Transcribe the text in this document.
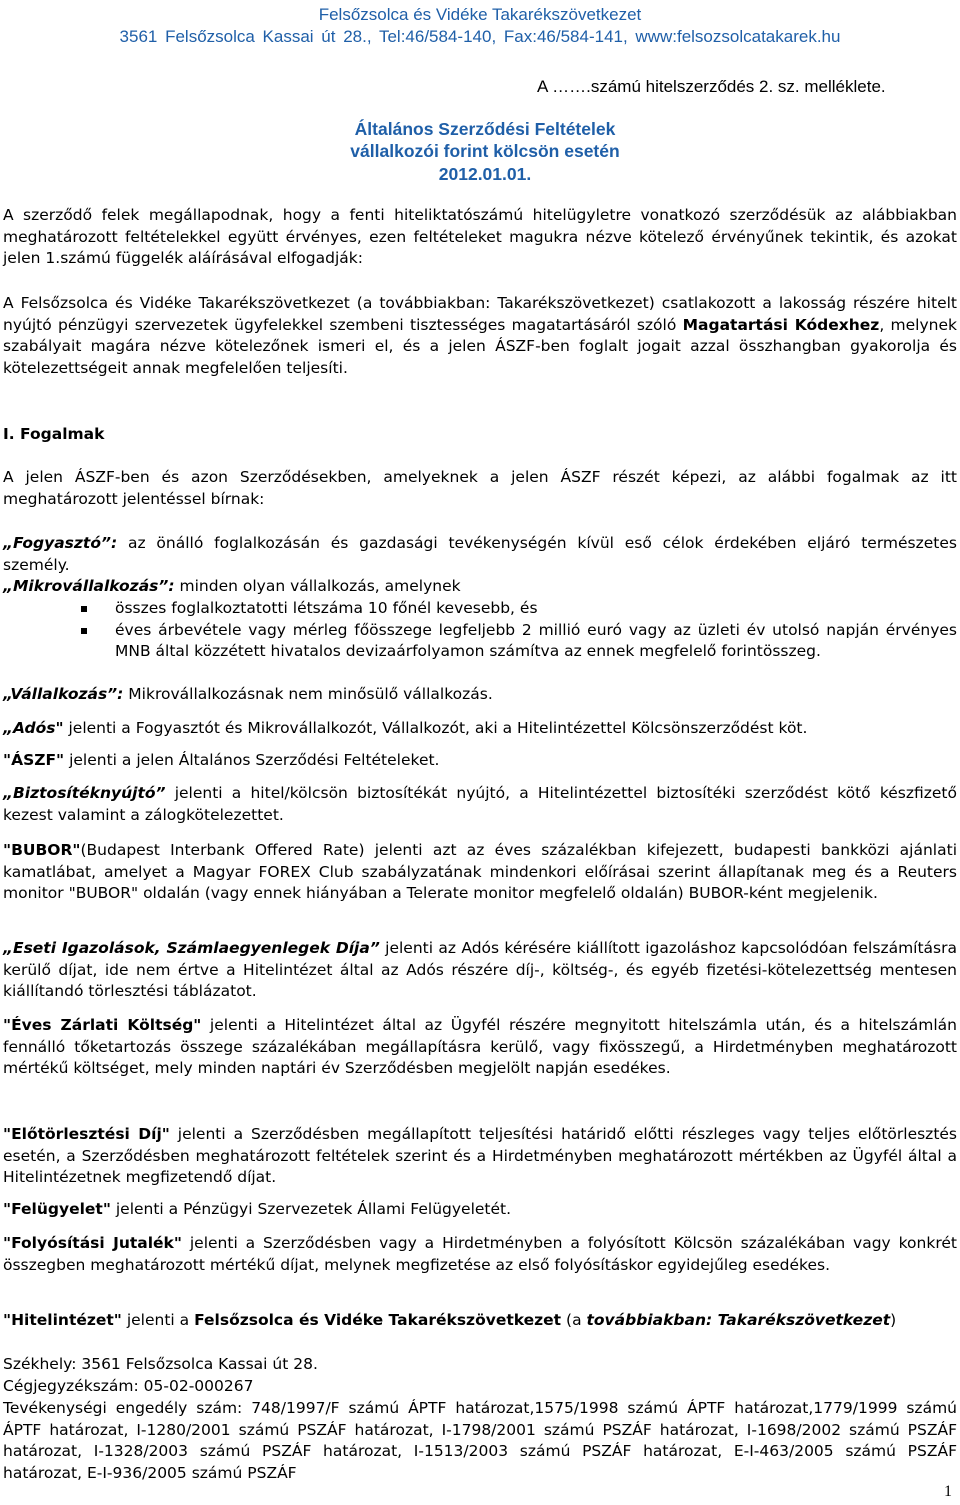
Felsőzsolca és Vidéke Takarékszövetkezet
3561 Felsőzsolca Kassai út 28., Tel:46/584-140, Fax:46/584-141, www:felsozsolcatakarek.hu
A …….számú hitelszerződés 2. sz. melléklete.
Általános Szerződési Feltételek
vállalkozói forint kölcsön esetén
2012.01.01.
A szerződő felek megállapodnak, hogy a fenti hiteliktatószámú hitelügyletre vonatkozó szerződésük az alábbiakban meghatározott feltételekkel együtt érvényes, ezen feltételeket magukra nézve kötelező érvényűnek tekintik, és azokat jelen 1.számú függelék aláírásával elfogadják:
A Felsőzsolca és Vidéke Takarékszövetkezet (a továbbiakban: Takarékszövetkezet) csatlakozott a lakosság részére hitelt nyújtó pénzügyi szervezetek ügyfelekkel szembeni tisztességes magatartásáról szóló Magatartási Kódexhez, melynek szabályait magára nézve kötelezőnek ismeri el, és a jelen ÁSZF-ben foglalt jogait azzal összhangban gyakorolja és kötelezettségeit annak megfelelően teljesíti.
I. Fogalmak
A jelen ÁSZF-ben és azon Szerződésekben, amelyeknek a jelen ÁSZF részét képezi, az alábbi fogalmak az itt meghatározott jelentéssel bírnak:
„Fogyasztó”: az önálló foglalkozásán és gazdasági tevékenységén kívül eső célok érdekében eljáró természetes személy.
„Mikrovállalkozás”: minden olyan vállalkozás, amelynek
összes foglalkoztatotti létszáma 10 főnél kevesebb, és
éves árbevétele vagy mérleg főösszege legfeljebb 2 millió euró vagy az üzleti év utolsó napján érvényes MNB által közzétett hivatalos devizaárfolyamon számítva az ennek megfelelő forintösszeg.
„Vállalkozás”: Mikrovállalkozásnak nem minősülő vállalkozás.
„Adós" jelenti a Fogyasztót és Mikrovállalkozót, Vállalkozót, aki a Hitelintézettel Kölcsönszerződést köt.
"ÁSZF" jelenti a jelen Általános Szerződési Feltételeket.
„Biztosítéknyújtó” jelenti a hitel/kölcsön biztosítékát nyújtó, a Hitelintézettel biztosítéki szerződést kötő készfizető kezest valamint a zálogkötelezettet.
"BUBOR"(Budapest Interbank Offered Rate) jelenti azt az éves százalékban kifejezett, budapesti bankközi ajánlati kamatlábat, amelyet a Magyar FOREX Club szabályzatának mindenkori előírásai szerint állapítanak meg és a Reuters monitor "BUBOR" oldalán (vagy ennek hiányában a Telerate monitor megfelelő oldalán) BUBOR-ként megjelenik.
„Eseti Igazolások, Számlaegyenlegek Díja” jelenti az Adós kérésére kiállított igazoláshoz kapcsolódóan felszámításra kerülő díjat, ide nem értve a Hitelintézet által az Adós részére díj-, költség-, és egyéb fizetési-kötelezettség mentesen kiállítandó törlesztési táblázatot.
"Éves Zárlati Költség" jelenti a Hitelintézet által az Ügyfél részére megnyitott hitelszámla után, és a hitelszámlán fennálló tőketartozás összege százalékában megállapításra kerülő, vagy fixösszegű, a Hirdetményben meghatározott mértékű költséget, mely minden naptári év Szerződésben megjelölt napján esedékes.
"Előtörlesztési Díj" jelenti a Szerződésben megállapított teljesítési határidő előtti részleges vagy teljes előtörlesztés esetén, a Szerződésben meghatározott feltételek szerint és a Hirdetményben meghatározott mértékben az Ügyfél által a Hitelintézetnek megfizetendő díjat.
"Felügyelet" jelenti a Pénzügyi Szervezetek Állami Felügyeletét.
"Folyósítási Jutalék" jelenti a Szerződésben vagy a Hirdetményben a folyósított Kölcsön százalékában vagy konkrét összegben meghatározott mértékű díjat, melynek megfizetése az első folyósításkor egyidejűleg esedékes.
"Hitelintézet" jelenti a Felsőzsolca és Vidéke Takarékszövetkezet (a továbbiakban: Takarékszövetkezet)
Székhely: 3561 Felsőzsolca Kassai út 28.
Cégjegyzékszám: 05-02-000267
Tevékenységi engedély szám: 748/1997/F számú ÁPTF határozat,1575/1998 számú ÁPTF határozat,1779/1999 számú ÁPTF határozat, I-1280/2001 számú PSZÁF határozat, I-1798/2001 számú PSZÁF határozat, I-1698/2002 számú PSZÁF határozat, I-1328/2003 számú PSZÁF határozat, I-1513/2003 számú PSZÁF határozat, E-I-463/2005 számú PSZÁF határozat, E-I-936/2005 számú PSZÁF
1
